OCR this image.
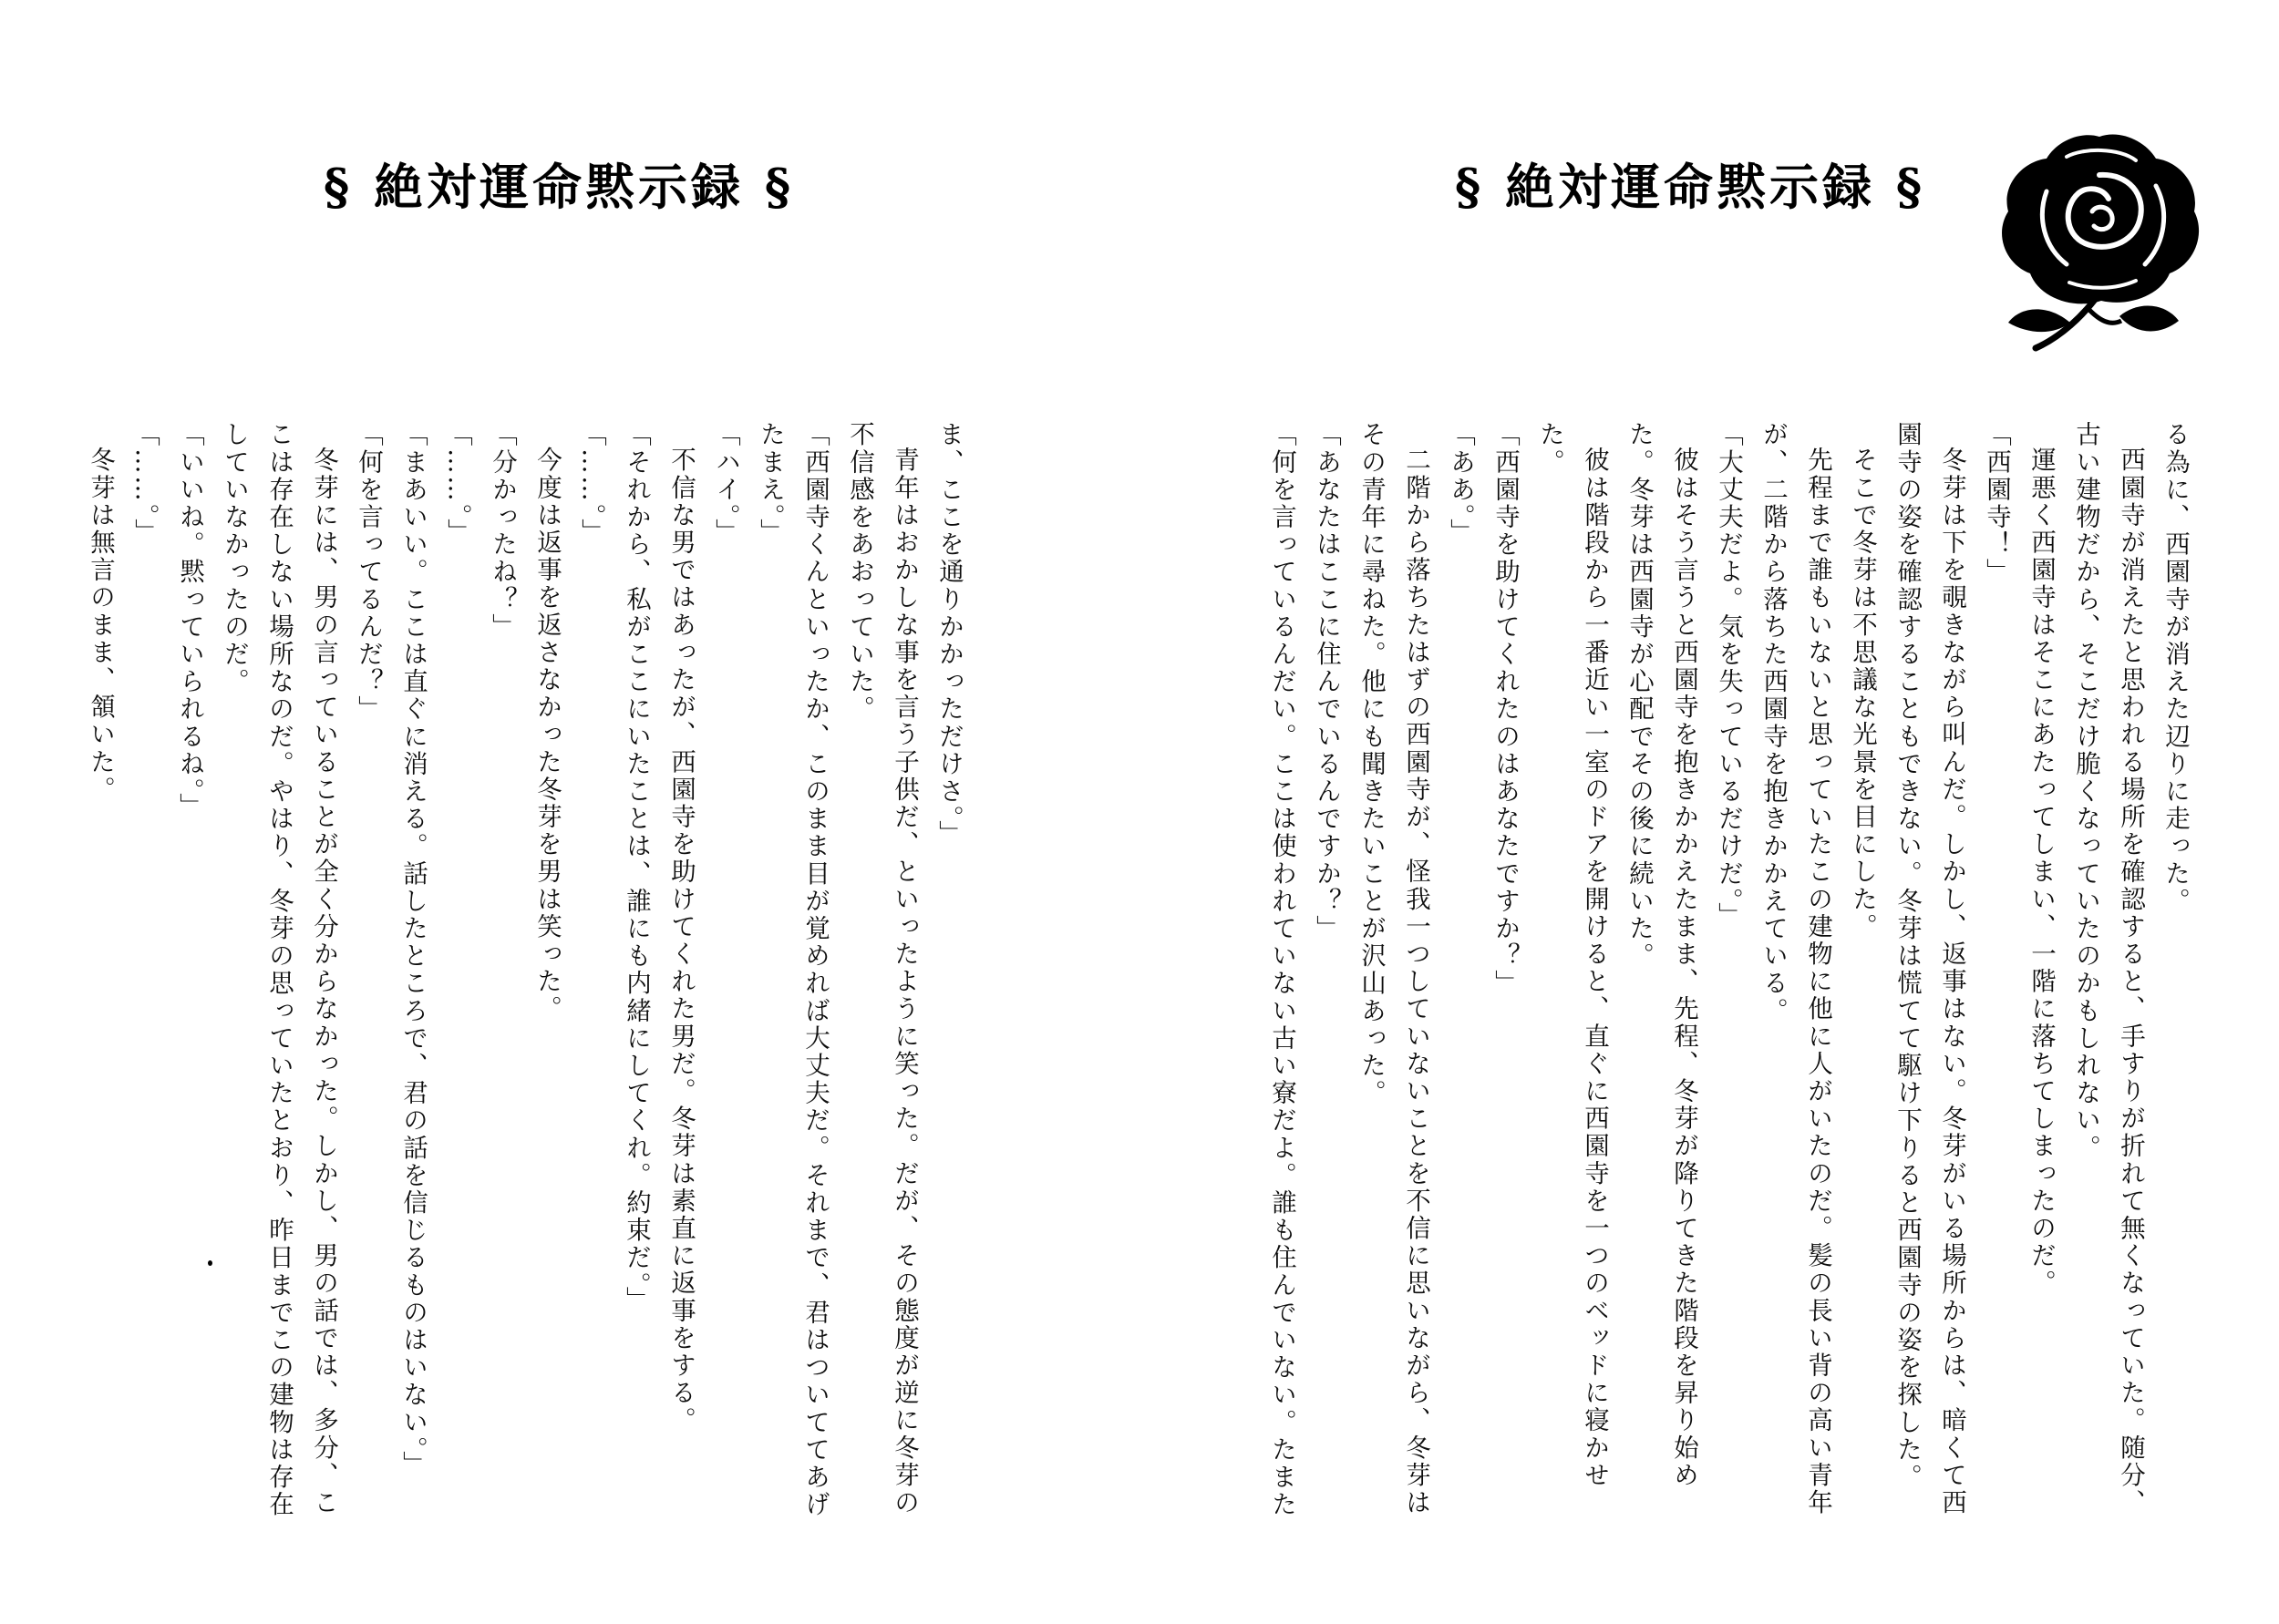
§ 絶対運命黙示録 §

ま、ここを通りかかっただけさ。」

青年はおかしな事を言う子供だ、といったように笑った。だが、その態度が逆に冬芽の不信感をあおっていた。

「西園寺くんといったか、このまま目が覚めれば大丈夫だ。それまで、君はついててあげたまえ。」

「ハイ。」

不信な男ではあったが、西園寺を助けてくれた男だ。冬芽は素直に返事をする。

「それから、私がここにいたことは、誰にも内緒にしてくれ。約束だ。」

「……。」

今度は返事を返さなかった冬芽を男は笑った。

「分かったね？」

「……。」

「まあいい。ここは直ぐに消える。話したところで、君の話を信じるものはいない。」

「何を言ってるんだ？」

冬芽には、男の言っていることが全く分からなかった。しかし、男の話では、多分、ここは存在しない場所なのだ。やはり、冬芽の思っていたとおり、昨日までこの建物は存在していなかったのだ。

「いいね。黙っていられるね。」

「……。」

冬芽は無言のまま、頷いた。

§ 絶対運命黙示録 §

る為に、西園寺が消えた辺りに走った。

西園寺が消えたと思われる場所を確認すると、手すりが折れて無くなっていた。随分、古い建物だから、そこだけ脆くなっていたのかもしれない。

運悪く西園寺はそこにあたってしまい、一階に落ちてしまったのだ。

「西園寺！」

冬芽は下を覗きながら叫んだ。しかし、返事はない。冬芽がいる場所からは、暗くて西園寺の姿を確認することもできない。冬芽は慌てて駆け下りると西園寺の姿を探した。

そこで冬芽は不思議な光景を目にした。

先程まで誰もいないと思っていたこの建物に他に人がいたのだ。髪の長い背の高い青年が、二階から落ちた西園寺を抱きかかえている。

「大丈夫だよ。気を失っているだけだ。」

彼はそう言うと西園寺を抱きかかえたまま、先程、冬芽が降りてきた階段を昇り始めた。冬芽は西園寺が心配でその後に続いた。

彼は階段から一番近い一室のドアを開けると、直ぐに西園寺を一つのベッドに寝かせた。

「西園寺を助けてくれたのはあなたですか？」

「ああ。」

二階から落ちたはずの西園寺が、怪我一つしていないことを不信に思いながら、冬芽はその青年に尋ねた。他にも聞きたいことが沢山あった。

「あなたはここに住んでいるんですか？」

「何を言っているんだい。ここは使われていない古い寮だよ。誰も住んでいない。たまた
